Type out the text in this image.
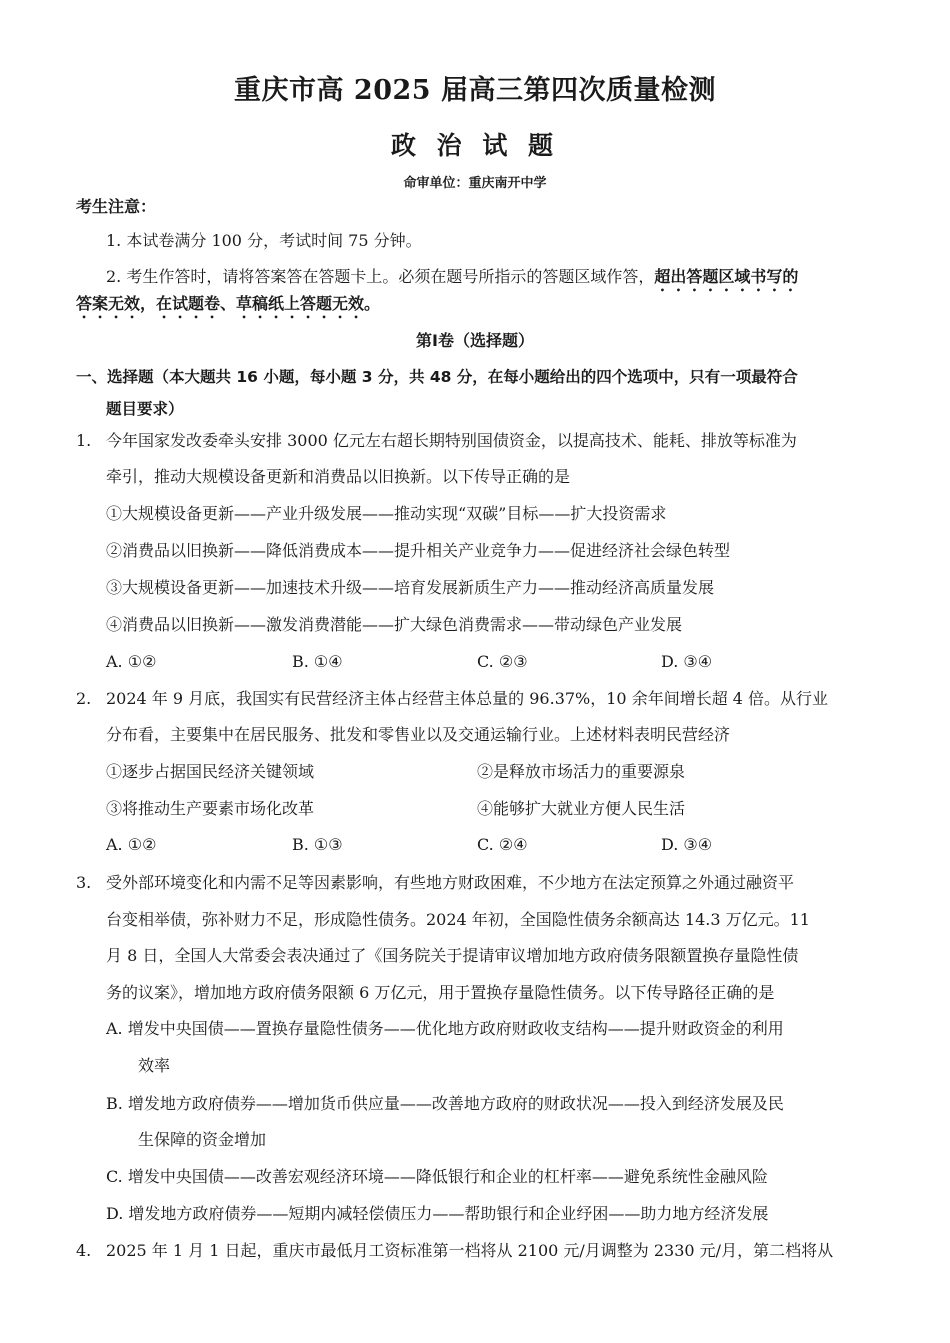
重庆市高 2025 届高三第四次质量检测
政 治 试 题
命审单位：重庆南开中学
考生注意：
1. 本试卷满分 100 分，考试时间 75 分钟。
2. 考生作答时，请将答案答在答题卡上。必须在题号所指示的答题区域作答，超出答题区域书写的
答案无效，在试题卷、草稿纸上答题无效。
第Ⅰ卷（选择题）
一、选择题（本大题共 16 小题，每小题 3 分，共 48 分，在每小题给出的四个选项中，只有一项最符合
题目要求）
1. 今年国家发改委牵头安排 3000 亿元左右超长期特别国债资金，以提高技术、能耗、排放等标准为
牵引，推动大规模设备更新和消费品以旧换新。以下传导正确的是
①大规模设备更新——产业升级发展——推动实现“双碳”目标——扩大投资需求
②消费品以旧换新——降低消费成本——提升相关产业竞争力——促进经济社会绿色转型
③大规模设备更新——加速技术升级——培育发展新质生产力——推动经济高质量发展
④消费品以旧换新——激发消费潜能——扩大绿色消费需求——带动绿色产业发展
A. ①②	B. ①④	C. ②③	D. ③④
2. 2024 年 9 月底，我国实有民营经济主体占经营主体总量的 96.37%，10 余年间增长超 4 倍。从行业
分布看，主要集中在居民服务、批发和零售业以及交通运输行业。上述材料表明民营经济
①逐步占据国民经济关键领域	②是释放市场活力的重要源泉
③将推动生产要素市场化改革	④能够扩大就业方便人民生活
A. ①②	B. ①③	C. ②④	D. ③④
3. 受外部环境变化和内需不足等因素影响，有些地方财政困难，不少地方在法定预算之外通过融资平
台变相举债，弥补财力不足，形成隐性债务。2024 年初，全国隐性债务余额高达 14.3 万亿元。11
月 8 日，全国人大常委会表决通过了《国务院关于提请审议增加地方政府债务限额置换存量隐性债
务的议案》，增加地方政府债务限额 6 万亿元，用于置换存量隐性债务。以下传导路径正确的是
A. 增发中央国债——置换存量隐性债务——优化地方政府财政收支结构——提升财政资金的利用
效率
B. 增发地方政府债券——增加货币供应量——改善地方政府的财政状况——投入到经济发展及民
生保障的资金增加
C. 增发中央国债——改善宏观经济环境——降低银行和企业的杠杆率——避免系统性金融风险
D. 增发地方政府债券——短期内减轻偿债压力——帮助银行和企业纾困——助力地方经济发展
4. 2025 年 1 月 1 日起，重庆市最低月工资标准第一档将从 2100 元/月调整为 2330 元/月，第二档将从
